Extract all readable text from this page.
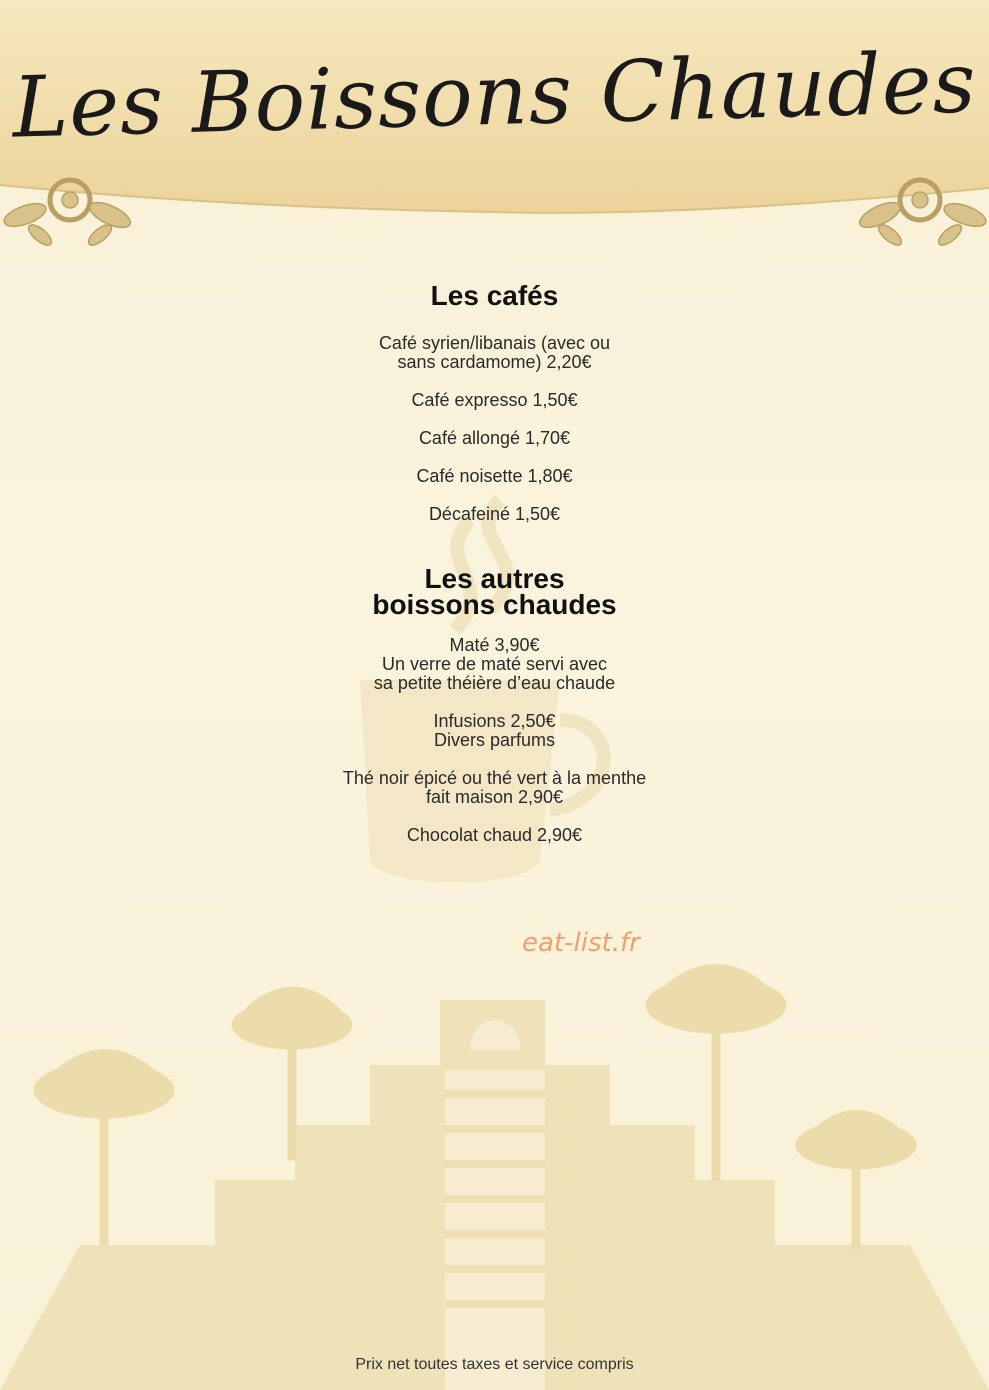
Les Boissons Chaudes
Les cafés
Café syrien/libanais (avec ou
sans cardamome) 2,20€
Café expresso 1,50€
Café allongé 1,70€
Café noisette 1,80€
Décafeiné 1,50€
Les autres
boissons chaudes
Maté 3,90€
Un verre de maté servi avec
sa petite théière d’eau chaude
Infusions 2,50€
Divers parfums
Thé noir épicé ou thé vert à la menthe
fait maison 2,90€
Chocolat chaud 2,90€
eat-list.fr
Prix net toutes taxes et service compris
